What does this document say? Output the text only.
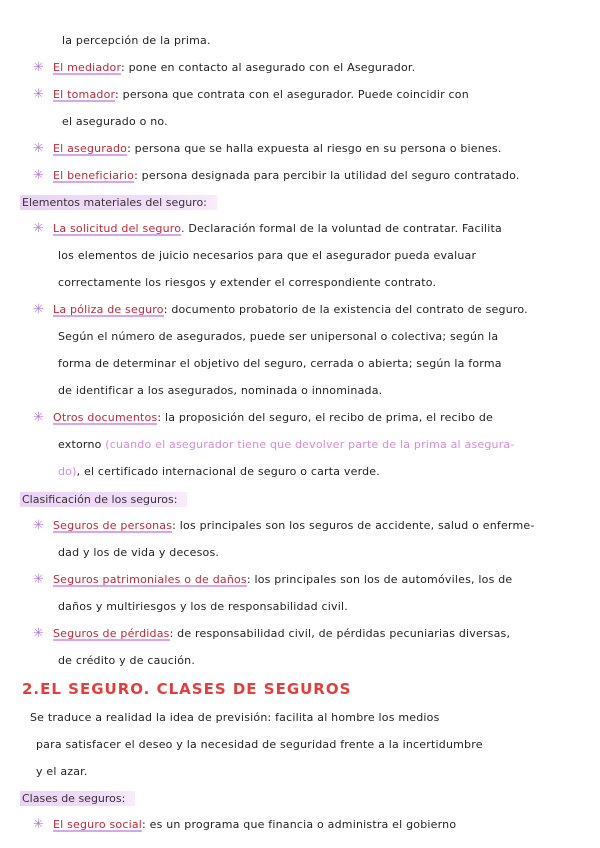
la percepción de la prima.
✳ El mediador: pone en contacto al asegurado con el Asegurador.
✳ El tomador: persona que contrata con el asegurador. Puede coincidir con
el asegurado o no.
✳ El asegurado: persona que se halla expuesta al riesgo en su persona o bienes.
✳ El beneficiario: persona designada para percibir la utilidad del seguro contratado.
Elementos materiales del seguro:
✳ La solicitud del seguro. Declaración formal de la voluntad de contratar. Facilita
los elementos de juicio necesarios para que el asegurador pueda evaluar
correctamente los riesgos y extender el correspondiente contrato.
✳ La póliza de seguro: documento probatorio de la existencia del contrato de seguro.
Según el número de asegurados, puede ser unipersonal o colectiva; según la
forma de determinar el objetivo del seguro, cerrada o abierta; según la forma
de identificar a los asegurados, nominada o innominada.
✳ Otros documentos: la proposición del seguro, el recibo de prima, el recibo de
extorno (cuando el asegurador tiene que devolver parte de la prima al asegura-
do), el certificado internacional de seguro o carta verde.
Clasificación de los seguros:
✳ Seguros de personas: los principales son los seguros de accidente, salud o enferme-
dad y los de vida y decesos.
✳ Seguros patrimoniales o de daños: los principales son los de automóviles, los de
daños y multiriesgos y los de responsabilidad civil.
✳ Seguros de pérdidas: de responsabilidad civil, de pérdidas pecuniarias diversas,
de crédito y de caución.
2.EL SEGURO. CLASES DE SEGUROS
Se traduce a realidad la idea de previsión: facilita al hombre los medios
para satisfacer el deseo y la necesidad de seguridad frente a la incertidumbre
y el azar.
Clases de seguros:
✳ El seguro social: es un programa que financia o administra el gobierno
